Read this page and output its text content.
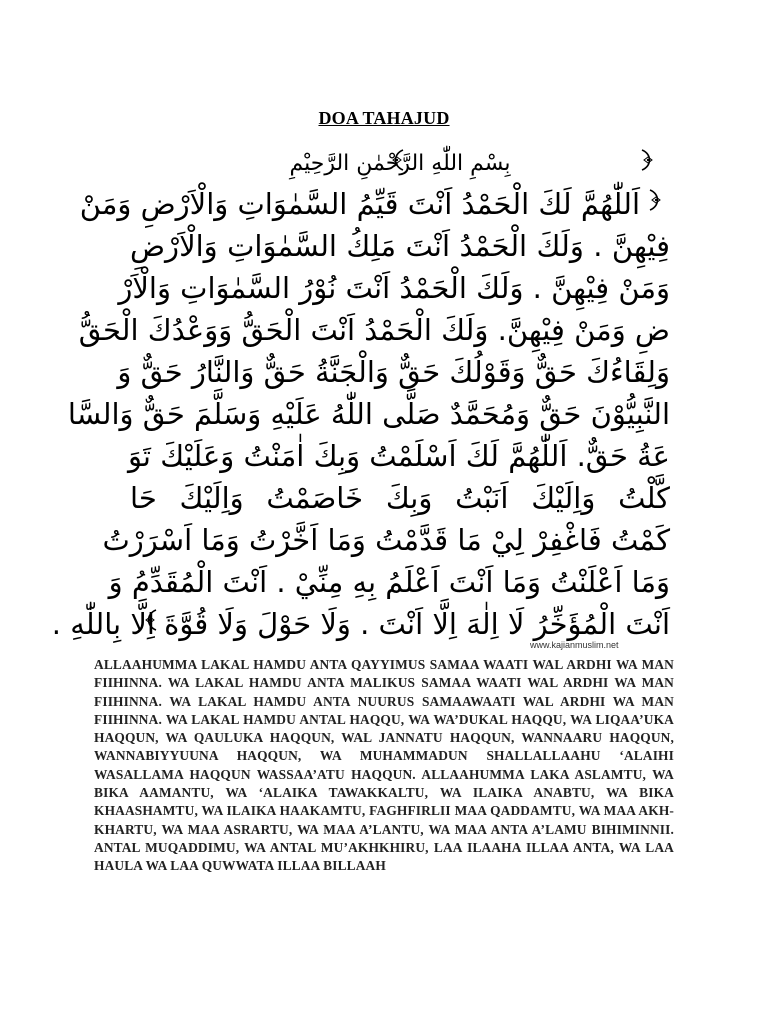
DOA TAHAJUD
بِسْمِ اللّٰهِ الرَّحْمٰنِ الرَّحِيْمِ
اَللّٰهُمَّ لَكَ الْحَمْدُ اَنْتَ قَيِّمُ السَّمٰوَاتِ وَالْاَرْضِ وَمَنْ
فِيْهِنَّ . وَلَكَ الْحَمْدُ اَنْتَ مَلِكُ السَّمٰوَاتِ وَالْاَرْضِ
وَمَنْ فِيْهِنَّ . وَلَكَ الْحَمْدُ اَنْتَ نُوْرُ السَّمٰوَاتِ وَالْاَرْ
ضِ وَمَنْ فِيْهِنَّ. وَلَكَ الْحَمْدُ اَنْتَ الْحَقُّ وَوَعْدُكَ الْحَقُّ
وَلِقَاءُكَ حَقٌّ وَقَوْلُكَ حَقٌّ وَالْجَنَّةُ حَقٌّ وَالنَّارُ حَقٌّ وَ
النَّبِيُّوْنَ حَقٌّ وَمُحَمَّدٌ صَلَّى اللّٰهُ عَلَيْهِ وَسَلَّمَ حَقٌّ وَالسَّا
عَةُ حَقٌّ. اَللّٰهُمَّ لَكَ اَسْلَمْتُ وَبِكَ اٰمَنْتُ وَعَلَيْكَ تَوَ
كَّلْتُ وَاِلَيْكَ اَنَبْتُ وَبِكَ خَاصَمْتُ وَاِلَيْكَ حَا
كَمْتُ فَاغْفِرْ لِيْ مَا قَدَّمْتُ وَمَا اَخَّرْتُ وَمَا اَسْرَرْتُ
وَمَا اَعْلَنْتُ وَمَا اَنْتَ اَعْلَمُ بِهِ مِنِّيْ . اَنْتَ الْمُقَدِّمُ وَ
اَنْتَ الْمُؤَخِّرُ لَا اِلٰهَ اِلَّا اَنْتَ . وَلَا حَوْلَ وَلَا قُوَّةَ اِلَّا بِاللّٰهِ .
www.kajianmuslim.net
ALLAAHUMMA LAKAL HAMDU ANTA QAYYIMUS SAMAA WAATI WAL ARDHI WA MAN FIIHINNA. WA LAKAL HAMDU ANTA MALIKUS SAMAA WAATI WAL ARDHI WA MAN FIIHINNA. WA LAKAL HAMDU ANTA NUURUS SAMAAWAATI WAL ARDHI WA MAN FIIHINNA. WA LAKAL HAMDU ANTAL HAQQU, WA WA’DUKAL HAQQU, WA LIQAA’UKA HAQQUN, WA QAULUKA HAQQUN, WAL JANNATU HAQQUN, WANNAARU HAQQUN, WANNABIYYUUNA HAQQUN, WA MUHAMMADUN SHALLALLAAHU ‘ALAIHI WASALLAMA HAQQUN WASSAA’ATU HAQQUN. ALLAAHUMMA LAKA ASLAMTU, WA BIKA AAMANTU, WA ‘ALAIKA TAWAKKALTU, WA ILAIKA ANABTU, WA BIKA KHAASHAMTU, WA ILAIKA HAAKAMTU, FAGHFIRLII MAA QADDAMTU, WA MAA AKH-KHARTU, WA MAA ASRARTU, WA MAA A’LANTU, WA MAA ANTA A’LAMU BIHIMINNII. ANTAL MUQADDIMU, WA ANTAL MU’AKHKHIRU, LAA ILAAHA ILLAA ANTA, WA LAA HAULA WA LAA QUWWATA ILLAA BILLAAH
